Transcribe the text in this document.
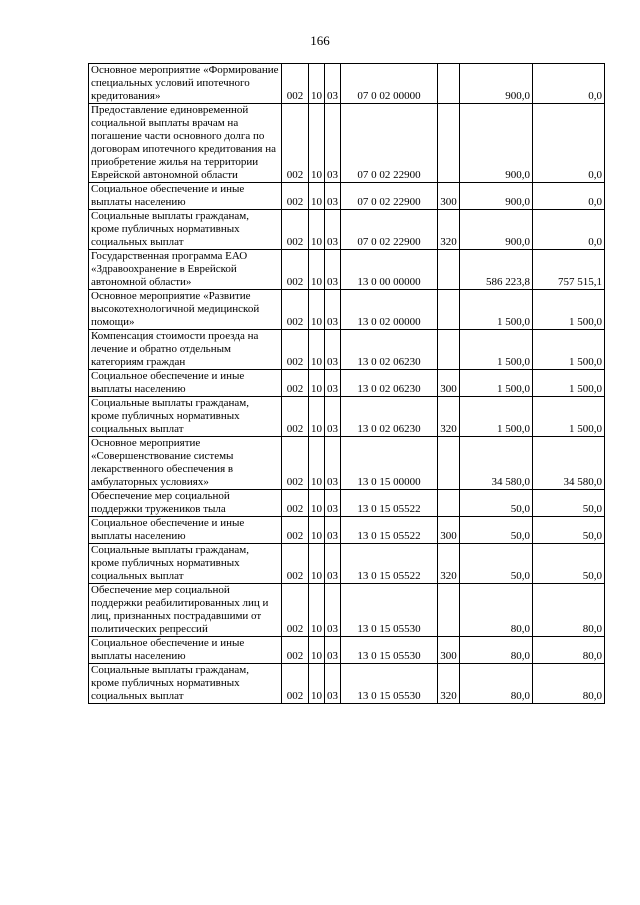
166
Основное мероприятие «Формирование специальных условий ипотечного кредитования»	002	10	03	07 0 02 00000		900,0	0,0
Предоставление единовременной социальной выплаты врачам на погашение части основного долга по договорам ипотечного кредитования на приобретение жилья на территории Еврейской автономной области	002	10	03	07 0 02 22900		900,0	0,0
Социальное обеспечение и иные выплаты населению	002	10	03	07 0 02 22900	300	900,0	0,0
Социальные выплаты гражданам, кроме публичных нормативных социальных выплат	002	10	03	07 0 02 22900	320	900,0	0,0
Государственная программа ЕАО «Здравоохранение в Еврейской автономной области»	002	10	03	13 0 00 00000		586 223,8	757 515,1
Основное мероприятие «Развитие высокотехнологичной медицинской помощи»	002	10	03	13 0 02 00000		1 500,0	1 500,0
Компенсация стоимости проезда на лечение и обратно отдельным категориям граждан	002	10	03	13 0 02 06230		1 500,0	1 500,0
Социальное обеспечение и иные выплаты населению	002	10	03	13 0 02 06230	300	1 500,0	1 500,0
Социальные выплаты гражданам, кроме публичных нормативных социальных выплат	002	10	03	13 0 02 06230	320	1 500,0	1 500,0
Основное мероприятие «Совершенствование системы лекарственного обеспечения в амбулаторных условиях»	002	10	03	13 0 15 00000		34 580,0	34 580,0
Обеспечение мер социальной поддержки тружеников тыла	002	10	03	13 0 15 05522		50,0	50,0
Социальное обеспечение и иные выплаты населению	002	10	03	13 0 15 05522	300	50,0	50,0
Социальные выплаты гражданам, кроме публичных нормативных социальных выплат	002	10	03	13 0 15 05522	320	50,0	50,0
Обеспечение мер социальной поддержки реабилитированных лиц и лиц, признанных пострадавшими от политических репрессий	002	10	03	13 0 15 05530		80,0	80,0
Социальное обеспечение и иные выплаты населению	002	10	03	13 0 15 05530	300	80,0	80,0
Социальные выплаты гражданам, кроме публичных нормативных социальных выплат	002	10	03	13 0 15 05530	320	80,0	80,0
